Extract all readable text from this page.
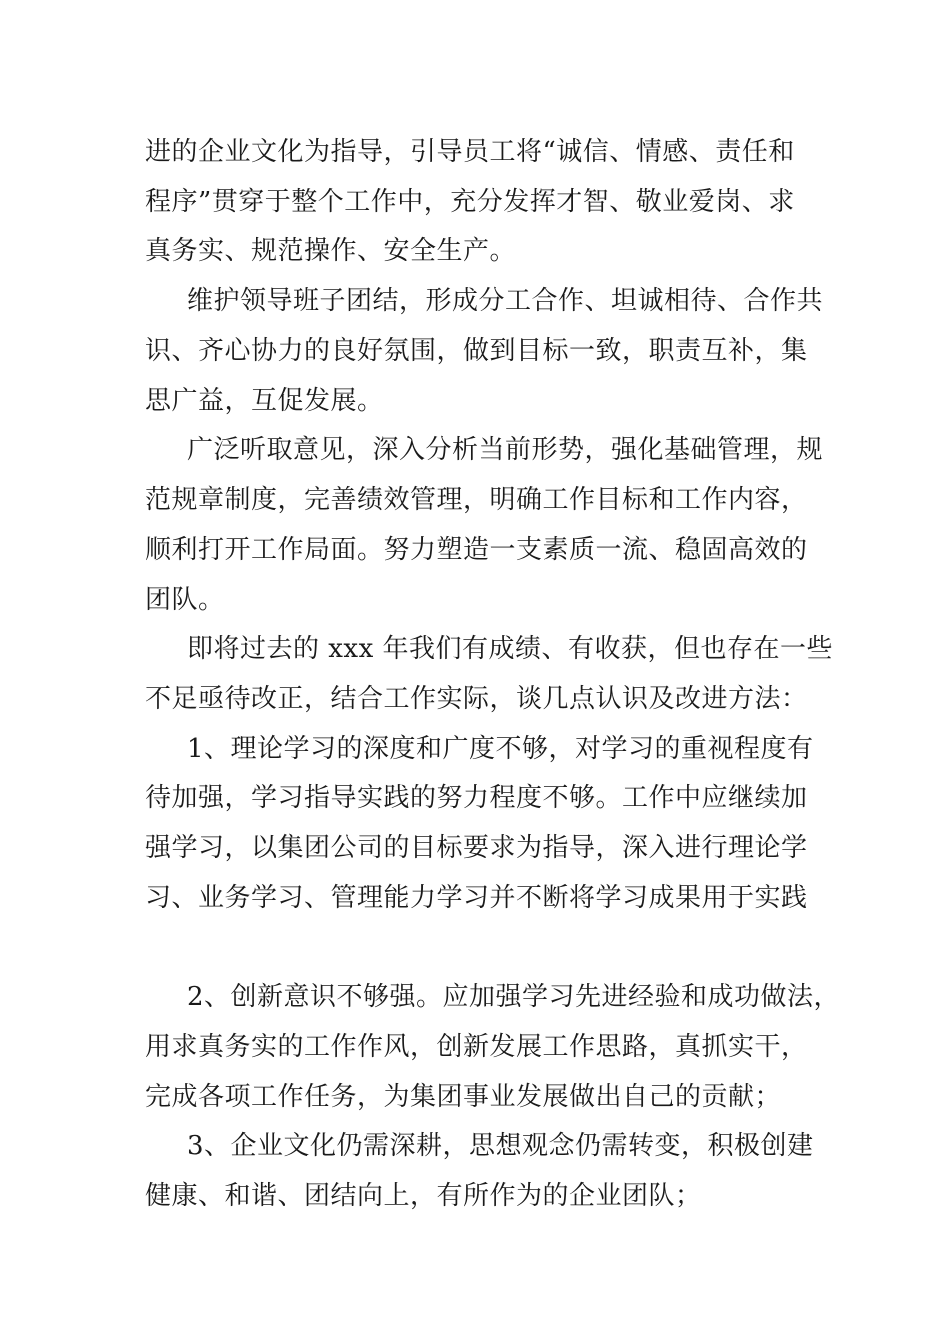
进的企业文化为指导，引导员工将“诚信、情感、责任和
程序”贯穿于整个工作中，充分发挥才智、敬业爱岗、求
真务实、规范操作、安全生产。
维护领导班子团结，形成分工合作、坦诚相待、合作共
识、齐心协力的良好氛围，做到目标一致，职责互补，集
思广益，互促发展。
广泛听取意见，深入分析当前形势，强化基础管理，规
范规章制度，完善绩效管理，明确工作目标和工作内容，
顺利打开工作局面。努力塑造一支素质一流、稳固高效的
团队。
即将过去的 xxx 年我们有成绩、有收获，但也存在一些
不足亟待改正，结合工作实际，谈几点认识及改进方法：
1、理论学习的深度和广度不够，对学习的重视程度有
待加强，学习指导实践的努力程度不够。工作中应继续加
强学习，以集团公司的目标要求为指导，深入进行理论学
习、业务学习、管理能力学习并不断将学习成果用于实践
2、创新意识不够强。应加强学习先进经验和成功做法，
用求真务实的工作作风，创新发展工作思路，真抓实干，
完成各项工作任务，为集团事业发展做出自己的贡献；
3、企业文化仍需深耕，思想观念仍需转变，积极创建
健康、和谐、团结向上，有所作为的企业团队；
